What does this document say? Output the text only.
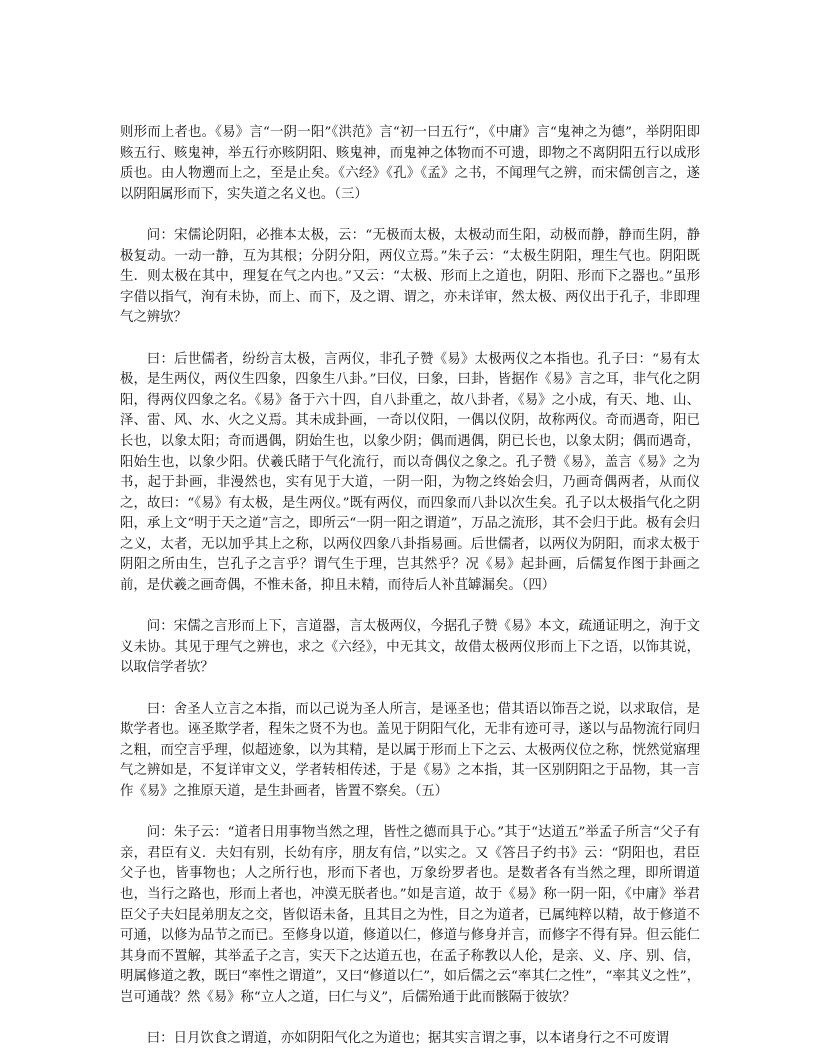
则形而上者也。《易》言“一阴一阳”《洪范》言“初一曰五行“，《中庸》言“鬼神之为德”，举阴阳即赅五行、赅鬼神，举五行亦赅阴阳、赅鬼神，而鬼神之体物而不可遗，即物之不离阴阳五行以成形质也。由人物遡而上之，至是止矣。《六经》《孔》《孟》之书，不闻理气之辨，而宋儒创言之，遂以阴阳属形而下，实失道之名义也。（三）

问：宋儒论阴阳，必推本太极，云：“无极而太极，太极动而生阳，动极而静，静而生阴，静极复动。一动一静，互为其根；分阴分阳，两仪立焉。”朱子云：“太极生阴阳，理生气也。阴阳既生．则太极在其中，理复在气之内也。”又云：“太极、形而上之道也，阴阳、形而下之器也。”虽形字借以指气，洵有未协，而上、而下，及之谓、谓之，亦未详审，然太极、两仪出于孔子，非即理气之辨欤？

曰：后世儒者，纷纷言太极，言两仪，非孔子赞《易》太极两仪之本指也。孔子曰：“易有太极，是生两仪，两仪生四象，四象生八卦。”曰仪，曰象，曰卦，皆据作《易》言之耳，非气化之阴阳，得两仪四象之名。《易》备于六十四，自八卦重之，故八卦者，《易》之小成，有天、地、山、泽、雷、风、水、火之义焉。其未成卦画，一奇以仪阳，一偶以仪阴，故称两仪。奇而遇奇，阳已长也，以象太阳；奇而遇偶，阴始生也，以象少阴；偶而遇偶，阴已长也，以象太阴；偶而遇奇，阳始生也，以象少阳。伏羲氏睹于气化流行，而以奇偶仪之象之。孔子赞《易》，盖言《易》之为书，起于卦画，非漫然也，实有见于大道，一阴一阳，为物之终始会归，乃画奇偶两者，从而仪之，故曰：“《易》有太极，是生两仪。”既有两仪，而四象而八卦以次生矣。孔子以太极指气化之阴阳，承上文“明于天之道”言之，即所云“一阴一阳之谓道”，万品之流形，其不会归于此。极有会归之义，太者，无以加乎其上之称，以两仪四象八卦指易画。后世儒者，以两仪为阴阳，而求太极于阴阳之所由生，岂孔子之言乎？谓气生于理，岂其然乎？况《易》起卦画，后儒复作图于卦画之前，是伏羲之画奇偶，不惟未备，抑且未精，而待后人补苴罅漏矣。（四）

问：宋儒之言形而上下，言道器，言太极两仪，今据孔子赞《易》本文，疏通证明之，洵于文义未协。其见于理气之辨也，求之《六经》，中无其文，故借太极两仪形而上下之语，以饰其说，以取信学者欤？

曰：舍圣人立言之本指，而以己说为圣人所言，是诬圣也；借其语以饰吾之说，以求取信，是欺学者也。诬圣欺学者，程朱之贤不为也。盖见于阴阳气化，无非有迹可寻，遂以与品物流行同归之粗，而空言乎理，似超迹象，以为其精，是以属于形而上下之云、太极两仪位之称，恍然觉寤理气之辨如是，不复详审文义，学者转相传述，于是《易》之本指，其一区别阴阳之于品物，其一言作《易》之推原天道，是生卦画者，皆置不察矣。（五）

问：朱子云：“道者日用事物当然之理，皆性之德而具于心。”其于“达道五”举孟子所言“父子有亲，君臣有义．夫妇有别，长幼有序，朋友有信，”以实之。又《答吕子约书》云：“阴阳也，君臣父子也，皆事物也；人之所行也，形而下者也，万象纷罗者也。是数者各有当然之理，即所谓道也，当行之路也，形而上者也，冲漠无朕者也。”如是言道，故于《易》称一阴一阳，《中庸》举君臣父子夫妇昆弟朋友之交，皆似语未备，且其目之为性，目之为道者，已属纯粹以精，故于修道不可通，以修为品节之而已。至修身以道，修道以仁，修道与修身并言，而修字不得有异。但云能仁其身而不置解，其举孟子之言，实天下之达道五也，在孟子称教以人伦，是亲、义、序、别、信，明属修道之教，既曰“率性之谓道”，又曰“修道以仁”，如后儒之云“率其仁之性”，“率其义之性”，岂可通哉？然《易》称“立人之道，曰仁与义”，后儒殆通于此而骸隔于彼欤？

曰：日月饮食之谓道，亦如阴阳气化之为道也；据其实言谓之事，以本诸身行之不可废谓
